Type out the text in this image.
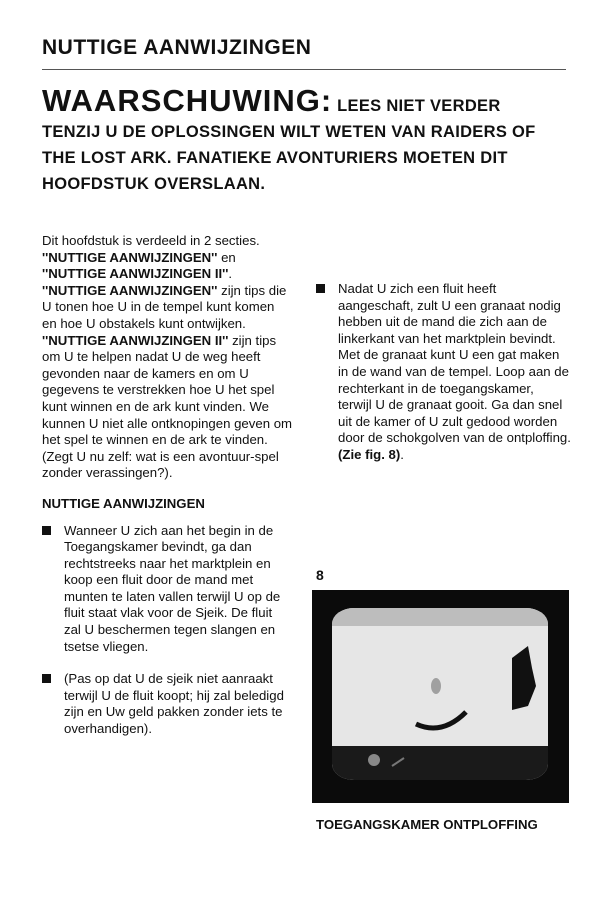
NUTTIGE AANWIJZINGEN
WAARSCHUWING: LEES NIET VERDER TENZIJ U DE OPLOSSINGEN WILT WETEN VAN RAIDERS OF THE LOST ARK. FANATIEKE AVONTURIERS MOETEN DIT HOOFDSTUK OVERSLAAN.

Dit hoofdstuk is verdeeld in 2 secties. ''NUTTIGE AANWIJZINGEN'' en ''NUTTIGE AANWIJZINGEN II''. ''NUTTIGE AANWIJZINGEN'' zijn tips die U tonen hoe U in de tempel kunt komen en hoe U obstakels kunt ontwijken. ''NUTTIGE AANWIJZINGEN II'' zijn tips om U te helpen nadat U de weg heeft gevonden naar de kamers en om U gegevens te verstrekken hoe U het spel kunt winnen en de ark kunt vinden. We kunnen U niet alle ontknopingen geven om het spel te winnen en de ark te vinden. (Zegt U nu zelf: wat is een avontuur-spel zonder verassingen?).

NUTTIGE AANWIJZINGEN
Wanneer U zich aan het begin in de Toegangskamer bevindt, ga dan rechtstreeks naar het marktplein en koop een fluit door de mand met munten te laten vallen terwijl U op de fluit staat vlak voor de Sjeik. De fluit zal U beschermen tegen slangen en tsetse vliegen.
(Pas op dat U de sjeik niet aanraakt terwijl U de fluit koopt; hij zal beledigd zijn en Uw geld pakken zonder iets te overhandigen).
Nadat U zich een fluit heeft aangeschaft, zult U een granaat nodig hebben uit de mand die zich aan de linkerkant van het marktplein bevindt. Met de granaat kunt U een gat maken in de wand van de tempel. Loop aan de rechterkant in de toegangskamer, terwijl U de granaat gooit. Ga dan snel uit de kamer of U zult gedood worden door de schokgolven van de ontploffing. (Zie fig. 8).
8
TOEGANGSKAMER ONTPLOFFING
